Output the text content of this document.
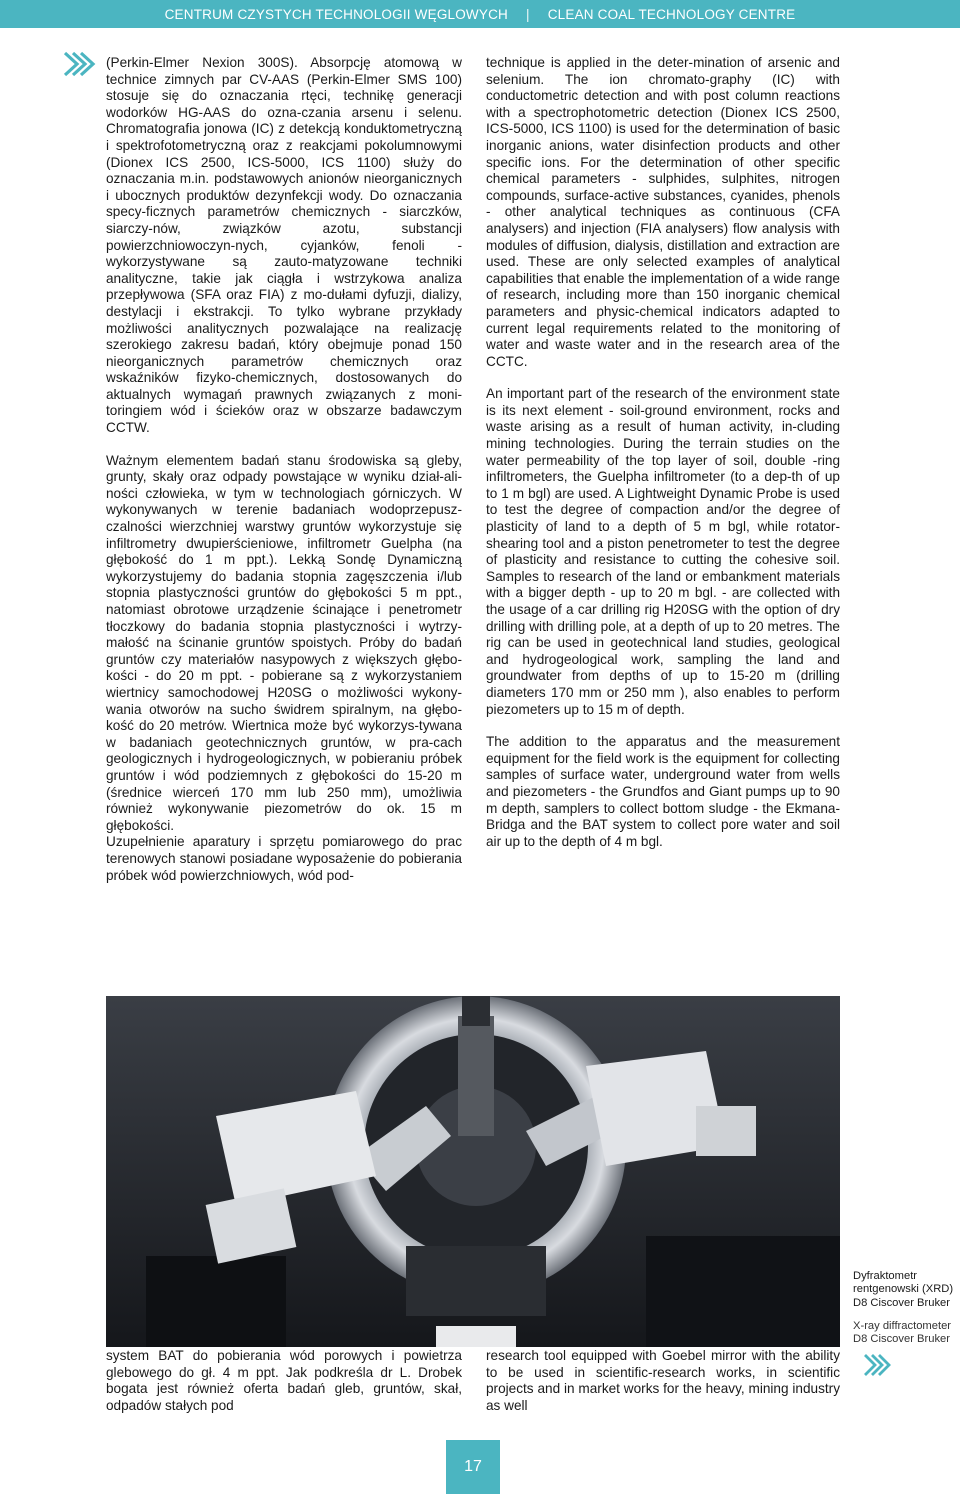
CENTRUM CZYSTYCH TECHNOLOGII WĘGLOWYCH | CLEAN COAL TECHNOLOGY CENTRE

(Perkin-Elmer Nexion 300S). Absorpcję atomową w technice zimnych par CV-AAS (Perkin-Elmer SMS 100) stosuje się do oznaczania rtęci, technikę generacji wodorków HG-AAS do ozna-czania arsenu i selenu. Chromatografia jonowa (IC) z detekcją konduktometryczną i spektrofotometryczną oraz z reakcjami pokolumnowymi (Dionex ICS 2500, ICS-5000, ICS 1100) służy do oznaczania m.in. podstawowych anionów nieorganicznych i ubocznych produktów dezynfekcji wody. Do oznaczania specy-ficznych parametrów chemicznych - siarczków, siarczy-nów, związków azotu, substancji powierzchniowoczyn-nych, cyjanków, fenoli - wykorzystywane są zauto-matyzowane techniki analityczne, takie jak ciągła i wstrzykowa analiza przepływowa (SFA oraz FIA) z mo-dułami dyfuzji, dializy, destylacji i ekstrakcji. To tylko wybrane przykłady możliwości analitycznych pozwalające na realizację szerokiego zakresu badań, który obejmuje ponad 150 nieorganicznych parametrów chemicznych oraz wskaźników fizyko-chemicznych, dostosowanych do aktualnych wymagań prawnych związanych z moni-toringiem wód i ścieków oraz w obszarze badawczym CCTW.

Ważnym elementem badań stanu środowiska są gleby, grunty, skały oraz odpady powstające w wyniku dział-ali-ności człowieka, w tym w technologiach górniczych. W wykonywanych w terenie badaniach wodoprzepusz-czalności wierzchniej warstwy gruntów wykorzystuje się infiltrometry dwupierścieniowe, infiltrometr Guelpha (na głębokość do 1 m ppt.). Lekką Sondę Dynamiczną wykorzystujemy do badania stopnia zagęszczenia i/lub stopnia plastyczności gruntów do głębokości 5 m ppt., natomiast obrotowe urządzenie ścinające i penetrometr tłoczkowy do badania stopnia plastyczności i wytrzy-małość na ścinanie gruntów spoistych. Próby do badań gruntów czy materiałów nasypowych z większych głębo-kości - do 20 m ppt. - pobierane są z wykorzystaniem wiertnicy samochodowej H20SG o możliwości wykony-wania otworów na sucho świdrem spiralnym, na głębo-kość do 20 metrów. Wiertnica może być wykorzys-tywana w badaniach geotechnicznych gruntów, w pra-cach geologicznych i hydrogeologicznych, w pobieraniu próbek gruntów i wód podziemnych z głębokości do 15-20 m (średnice wierceń 170 mm lub 250 mm), umożliwia również wykonywanie piezometrów do ok. 15 m głębokości.

Uzupełnienie aparatury i sprzętu pomiarowego do prac terenowych stanowi posiadane wyposażenie do pobierania próbek wód powierzchniowych, wód pod-

technique is applied in the deter-mination of arsenic and selenium. The ion chromato-graphy (IC) with conductometric detection and with post column reactions with a spectrophotometric detection (Dionex ICS 2500, ICS-5000, ICS 1100) is used for the determination of basic inorganic anions, water disinfection products and other specific ions. For the determination of other specific chemical parameters - sulphides, sulphites, nitrogen compounds, surface-active substances, cyanides, phenols - other analytical techniques as continuous (CFA analysers) and injection (FIA analysers) flow analysis with modules of diffusion, dialysis, distillation and extraction are used. These are only selected examples of analytical capabilities that enable the implementation of a wide range of research, including more than 150 inorganic chemical parameters and physic-chemical indicators adapted to current legal requirements related to the monitoring of water and waste water and in the research area of the CCTC.

An important part of the research of the environment state is its next element - soil-ground environment, rocks and waste arising as a result of human activity, in-cluding mining technologies. During the terrain studies on the water permeability of the top layer of soil, double -ring infiltrometers, the Guelpha infiltrometer (to a dep-th of up to 1 m bgl) are used. A Lightweight Dynamic Probe is used to test the degree of compaction and/or the degree of plasticity of land to a depth of 5 m bgl, while rotator-shearing tool and a piston penetrometer to test the degree of plasticity and resistance to cutting the cohesive soil. Samples to research of the land or embankment materials with a bigger depth - up to 20 m bgl. - are collected with the usage of a car drilling rig H20SG with the option of dry drilling with drilling pole, at a depth of up to 20 metres. The rig can be used in geotechnical land studies, geological and hydrogeological work, sampling the land and groundwater from depths of up to 15-20 m (drilling diameters 170 mm or 250 mm ), also enables to perform piezometers up to 15 m of depth.

The addition to the apparatus and the measurement equipment for the field work is the equipment for collecting samples of surface water, underground water from wells and piezometers - the Grundfos and Giant pumps up to 90 m depth, samplers to collect bottom sludge - the Ekmana-Bridga and the BAT system to collect pore water and soil air up to the depth of 4 m bgl.

Dyfraktometr rentgenowski (XRD) D8 Ciscover Bruker
X-ray diffractometer D8 Ciscover Bruker
system BAT do pobierania wód porowych i powietrza glebowego do gł. 4 m ppt. Jak podkreśla dr L. Drobek bogata jest również oferta badań gleb, gruntów, skał, odpadów stałych pod
research tool equipped with Goebel mirror with the ability to be used in scientific-research works, in scientific projects and in market works for the heavy, mining industry as well
17
